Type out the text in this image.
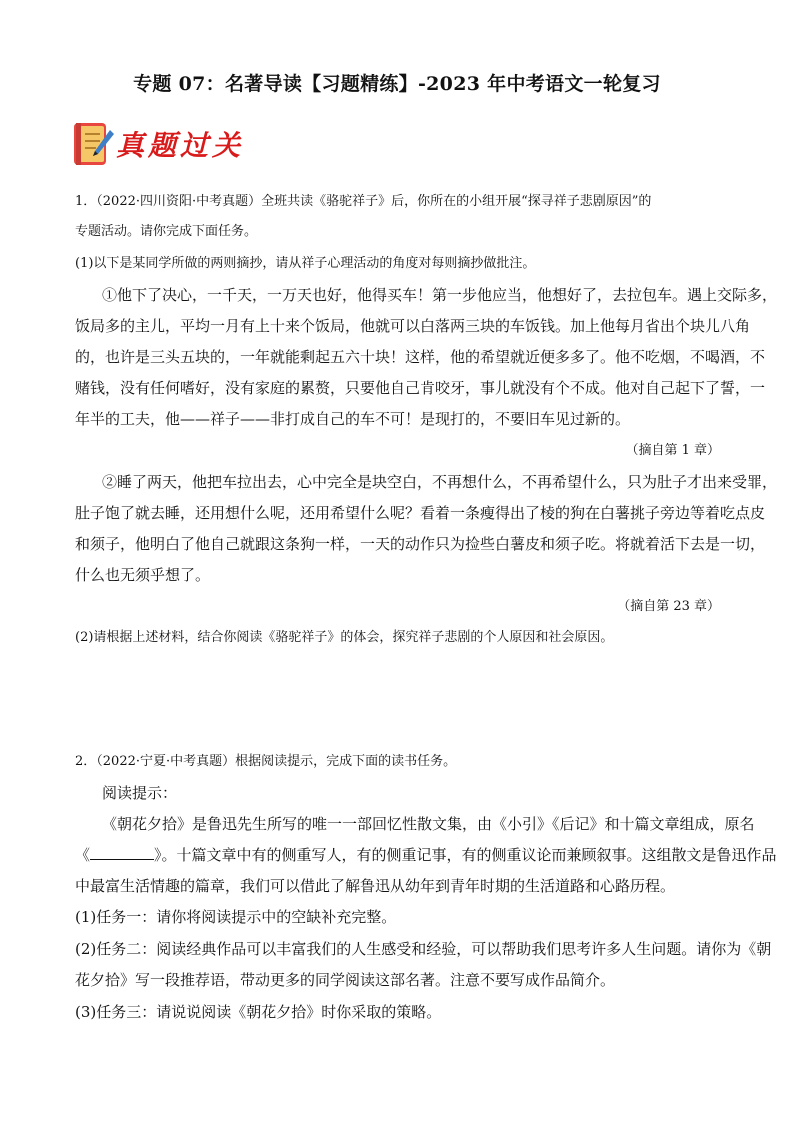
专题 07：名著导读【习题精练】-2023 年中考语文一轮复习
真题过关
1．（2022·四川资阳·中考真题）全班共读《骆驼祥子》后，你所在的小组开展“探寻祥子悲剧原因”的
专题活动。请你完成下面任务。
(1)以下是某同学所做的两则摘抄，请从祥子心理活动的角度对每则摘抄做批注。
①他下了决心，一千天，一万天也好，他得买车！第一步他应当，他想好了，去拉包车。遇上交际多，
饭局多的主儿，平均一月有上十来个饭局，他就可以白落两三块的车饭钱。加上他每月省出个块儿八角
的，也许是三头五块的，一年就能剩起五六十块！这样，他的希望就近便多多了。他不吃烟，不喝酒，不
赌钱，没有任何嗜好，没有家庭的累赘，只要他自己肯咬牙，事儿就没有个不成。他对自己起下了誓，一
年半的工夫，他——祥子——非打成自己的车不可！是现打的，不要旧车见过新的。
（摘自第 1 章）
②睡了两天，他把车拉出去，心中完全是块空白，不再想什么，不再希望什么，只为肚子才出来受罪，
肚子饱了就去睡，还用想什么呢，还用希望什么呢？看着一条瘦得出了棱的狗在白薯挑子旁边等着吃点皮
和须子，他明白了他自己就跟这条狗一样，一天的动作只为捡些白薯皮和须子吃。将就着活下去是一切，
什么也无须乎想了。
（摘自第 23 章）
(2)请根据上述材料，结合你阅读《骆驼祥子》的体会，探究祥子悲剧的个人原因和社会原因。
2．（2022·宁夏·中考真题）根据阅读提示，完成下面的读书任务。
阅读提示：
《朝花夕拾》是鲁迅先生所写的唯一一部回忆性散文集，由《小引》《后记》和十篇文章组成，原名
《	》。十篇文章中有的侧重写人，有的侧重记事，有的侧重议论而兼顾叙事。这组散文是鲁迅作品
中最富生活情趣的篇章，我们可以借此了解鲁迅从幼年到青年时期的生活道路和心路历程。
(1)任务一：请你将阅读提示中的空缺补充完整。
(2)任务二：阅读经典作品可以丰富我们的人生感受和经验，可以帮助我们思考许多人生问题。请你为《朝
花夕拾》写一段推荐语，带动更多的同学阅读这部名著。注意不要写成作品简介。
(3)任务三：请说说阅读《朝花夕拾》时你采取的策略。
